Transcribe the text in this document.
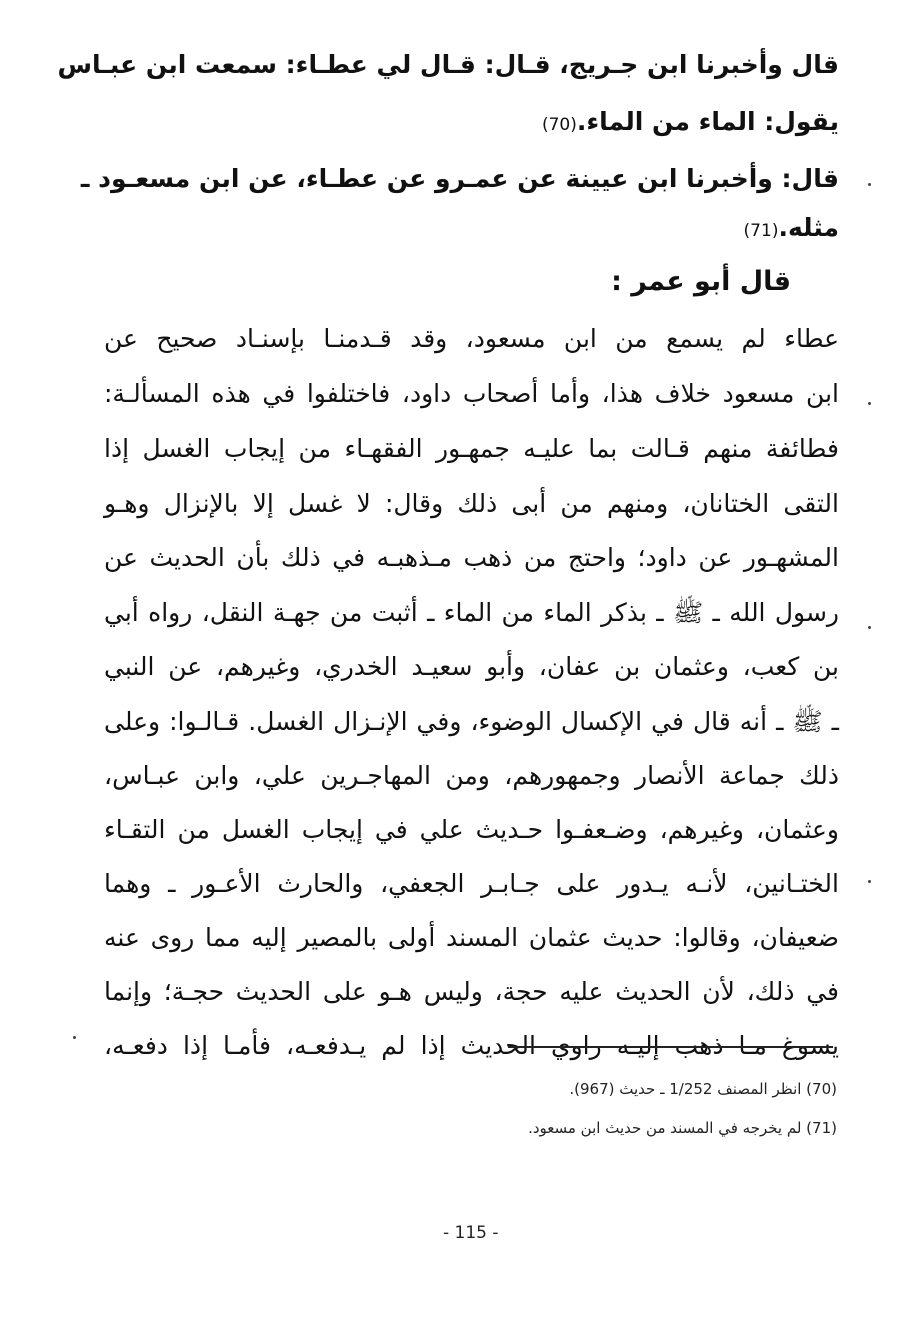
قال وأخبرنا ابن جـريج، قـال: قـال لي عطـاء: سمعت ابن عبـاس
يقول: الماء من الماء.(70)
قال: وأخبرنا ابن عيينة عن عمـرو عن عطـاء، عن ابن مسعـود ـ
مثله.(71)
قال أبو عمر :
عطاء لم يسمع من ابن مسعود، وقد قـدمنـا بإسنـاد صحيح عن
ابن مسعود خلاف هذا، وأما أصحاب داود، فاختلفوا في هذه المسألـة:
فطائفة منهم قـالت بما عليـه جمهـور الفقهـاء من إيجاب الغسل إذا
التقى الختانان، ومنهم من أبى ذلك وقال: لا غسل إلا بالإنزال وهـو
المشهـور عن داود؛ واحتج من ذهب مـذهبـه في ذلك بأن الحديث عن
رسول الله ـ ﷺ ـ بذكر الماء من الماء ـ أثبت من جهـة النقل، رواه أبي
بن كعب، وعثمان بن عفان، وأبو سعيـد الخدري، وغيرهم، عن النبي
ـ ﷺ ـ أنه قال في الإكسال الوضوء، وفي الإنـزال الغسل. قـالـوا: وعلى
ذلك جماعة الأنصار وجمهورهم، ومن المهاجـرين علي، وابن عبـاس،
وعثمان، وغيرهم، وضـعفـوا حـديث علي في إيجاب الغسل من التقـاء
الختـانين، لأنـه يـدور على جـابـر الجعفي، والحارث الأعـور ـ وهما
ضعيفان، وقالوا: حديث عثمان المسند أولى بالمصير إليه مما روى عنه
في ذلك، لأن الحديث عليه حجة، وليس هـو على الحديث حجـة؛ وإنما
يسوغ مـا ذهب إليـه راوي الحديث إذا لم يـدفعـه، فأمـا إذا دفعـه،
(70) انظر المصنف 1/252 ـ حديث (967).
(71) لم يخرجه في المسند من حديث ابن مسعود.
- 115 -
